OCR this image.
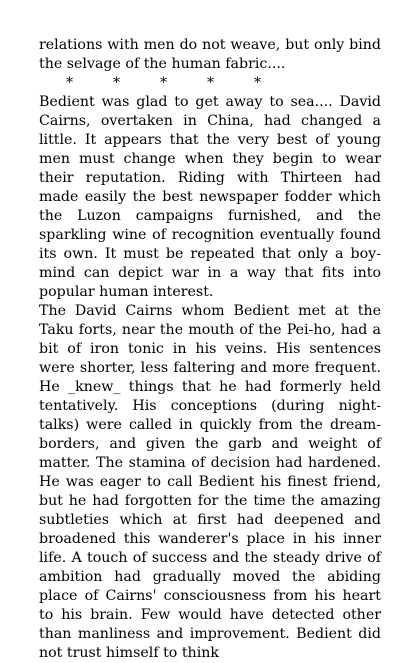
relations with men do not weave, but only bind the selvage of the human fabric....

*	*	*	*	*

Bedient was glad to get away to sea.... David Cairns, overtaken in China, had changed a little. It appears that the very best of young men must change when they begin to wear their reputation. Riding with Thirteen had made easily the best newspaper fodder which the Luzon campaigns furnished, and the sparkling wine of recognition eventually found its own. It must be repeated that only a boy-mind can depict war in a way that fits into popular human interest.

The David Cairns whom Bedient met at the Taku forts, near the mouth of the Pei-ho, had a bit of iron tonic in his veins. His sentences were shorter, less faltering and more frequent. He _knew_ things that he had formerly held tentatively. His conceptions (during night-talks) were called in quickly from the dream-borders, and given the garb and weight of matter. The stamina of decision had hardened. He was eager to call Bedient his finest friend, but he had forgotten for the time the amazing subtleties which at first had deepened and broadened this wanderer's place in his inner life. A touch of success and the steady drive of ambition had gradually moved the abiding place of Cairns' consciousness from his heart to his brain. Few would have detected other than manliness and improvement. Bedient did not trust himself to think
